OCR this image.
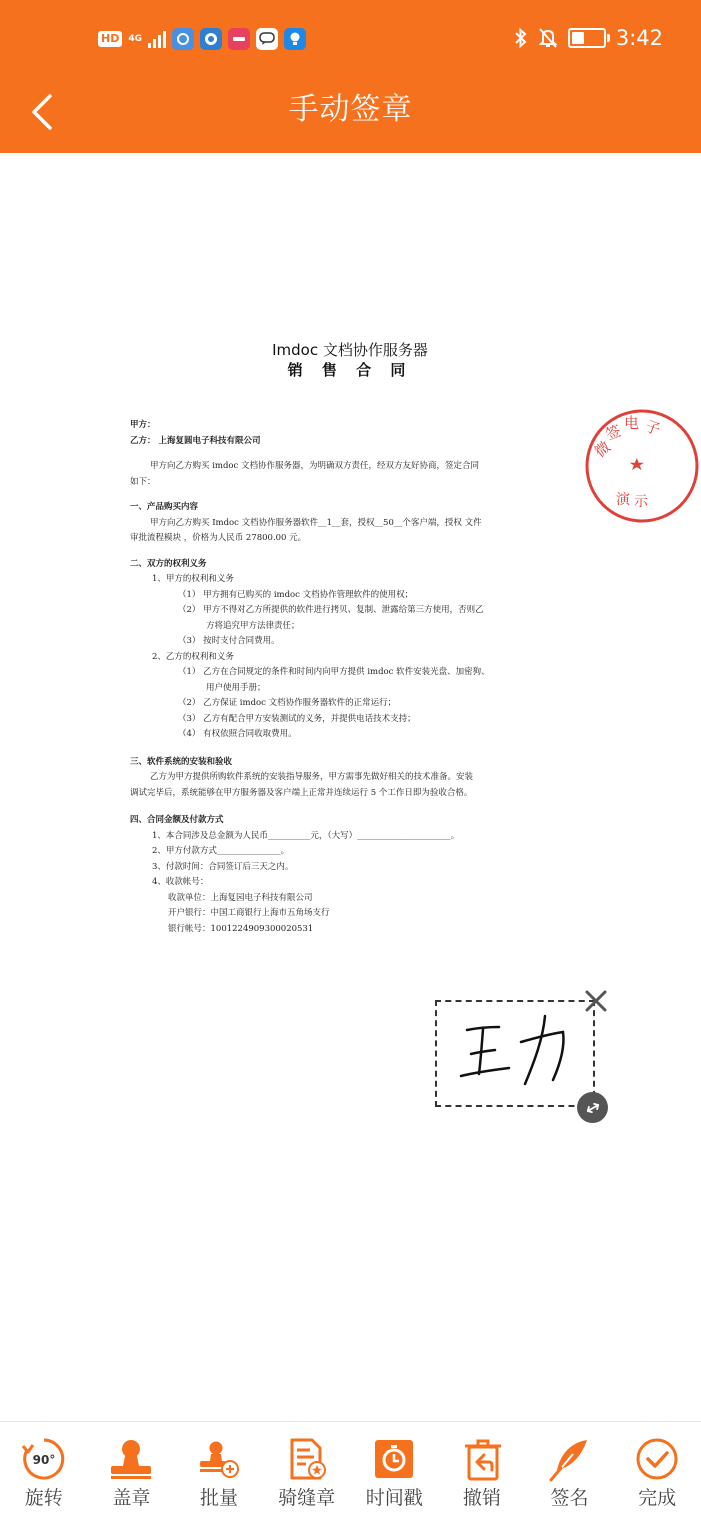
HD	4G	3:42
手动签章
Imdoc 文档协作服务器
销 售 合 同

甲方：

乙方： 上海复圆电子科技有限公司

甲方向乙方购买 imdoc 文档协作服务器，为明确双方责任，经双方友好协商，签定合同

如下：

一、产品购买内容

甲方向乙方购买 Imdoc 文档协作服务器软件__1__套，授权__50__个客户端，授权 文件

审批流程模块 ，价格为人民币 27800.00 元。

二、双方的权利义务

1、甲方的权利和义务

（1） 甲方拥有已购买的 imdoc 文档协作管理软件的使用权；

（2） 甲方不得对乙方所提供的软件进行拷贝、复制、泄露给第三方使用，否则乙

方将追究甲方法律责任；

（3） 按时支付合同费用。

2、乙方的权利和义务

（1） 乙方在合同规定的条件和时间内向甲方提供 imdoc 软件安装光盘、加密狗、

用户使用手册；

（2） 乙方保证 imdoc 文档协作服务器软件的正常运行；

（3） 乙方有配合甲方安装测试的义务，并提供电话技术支持；

（4） 有权依照合同收取费用。

三、软件系统的安装和验收

乙方为甲方提供所购软件系统的安装指导服务，甲方需事先做好相关的技术准备。安装

调试完毕后，系统能够在甲方服务器及客户端上正常并连续运行 5 个工作日即为验收合格。

四、合同金额及付款方式

1、本合同涉及总金额为人民币__________元，（大写）______________________。

2、甲方付款方式_______________。

3、付款时间：合同签订后三天之内。

4、收款帐号：

收款单位：上海复园电子科技有限公司

开户银行：中国工商银行上海市五角场支行

银行帐号：1001224909300020531

微
签 电 子
演 示
90°
旋转	盖章	批量 骑缝章 时间戳 撤销	签名	完成
